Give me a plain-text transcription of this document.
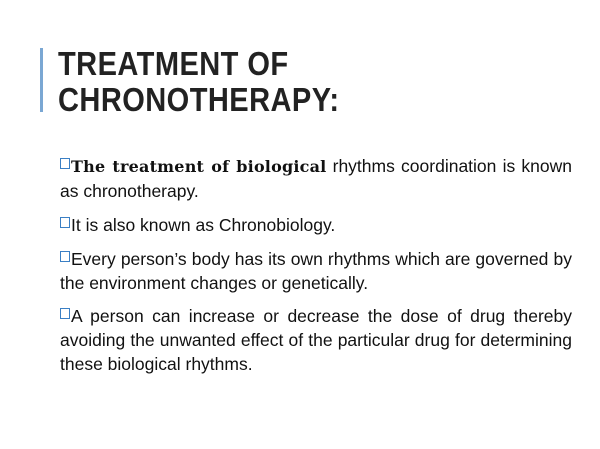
TREATMENT OF
CHRONOTHERAPY:
The treatment of biological rhythms coordination is known as chronotherapy.
It is also known as Chronobiology.
Every person’s body has its own rhythms which are governed by the environment changes or genetically.
A person can increase or decrease the dose of drug thereby avoiding the unwanted effect of the particular drug for determining these biological rhythms.
